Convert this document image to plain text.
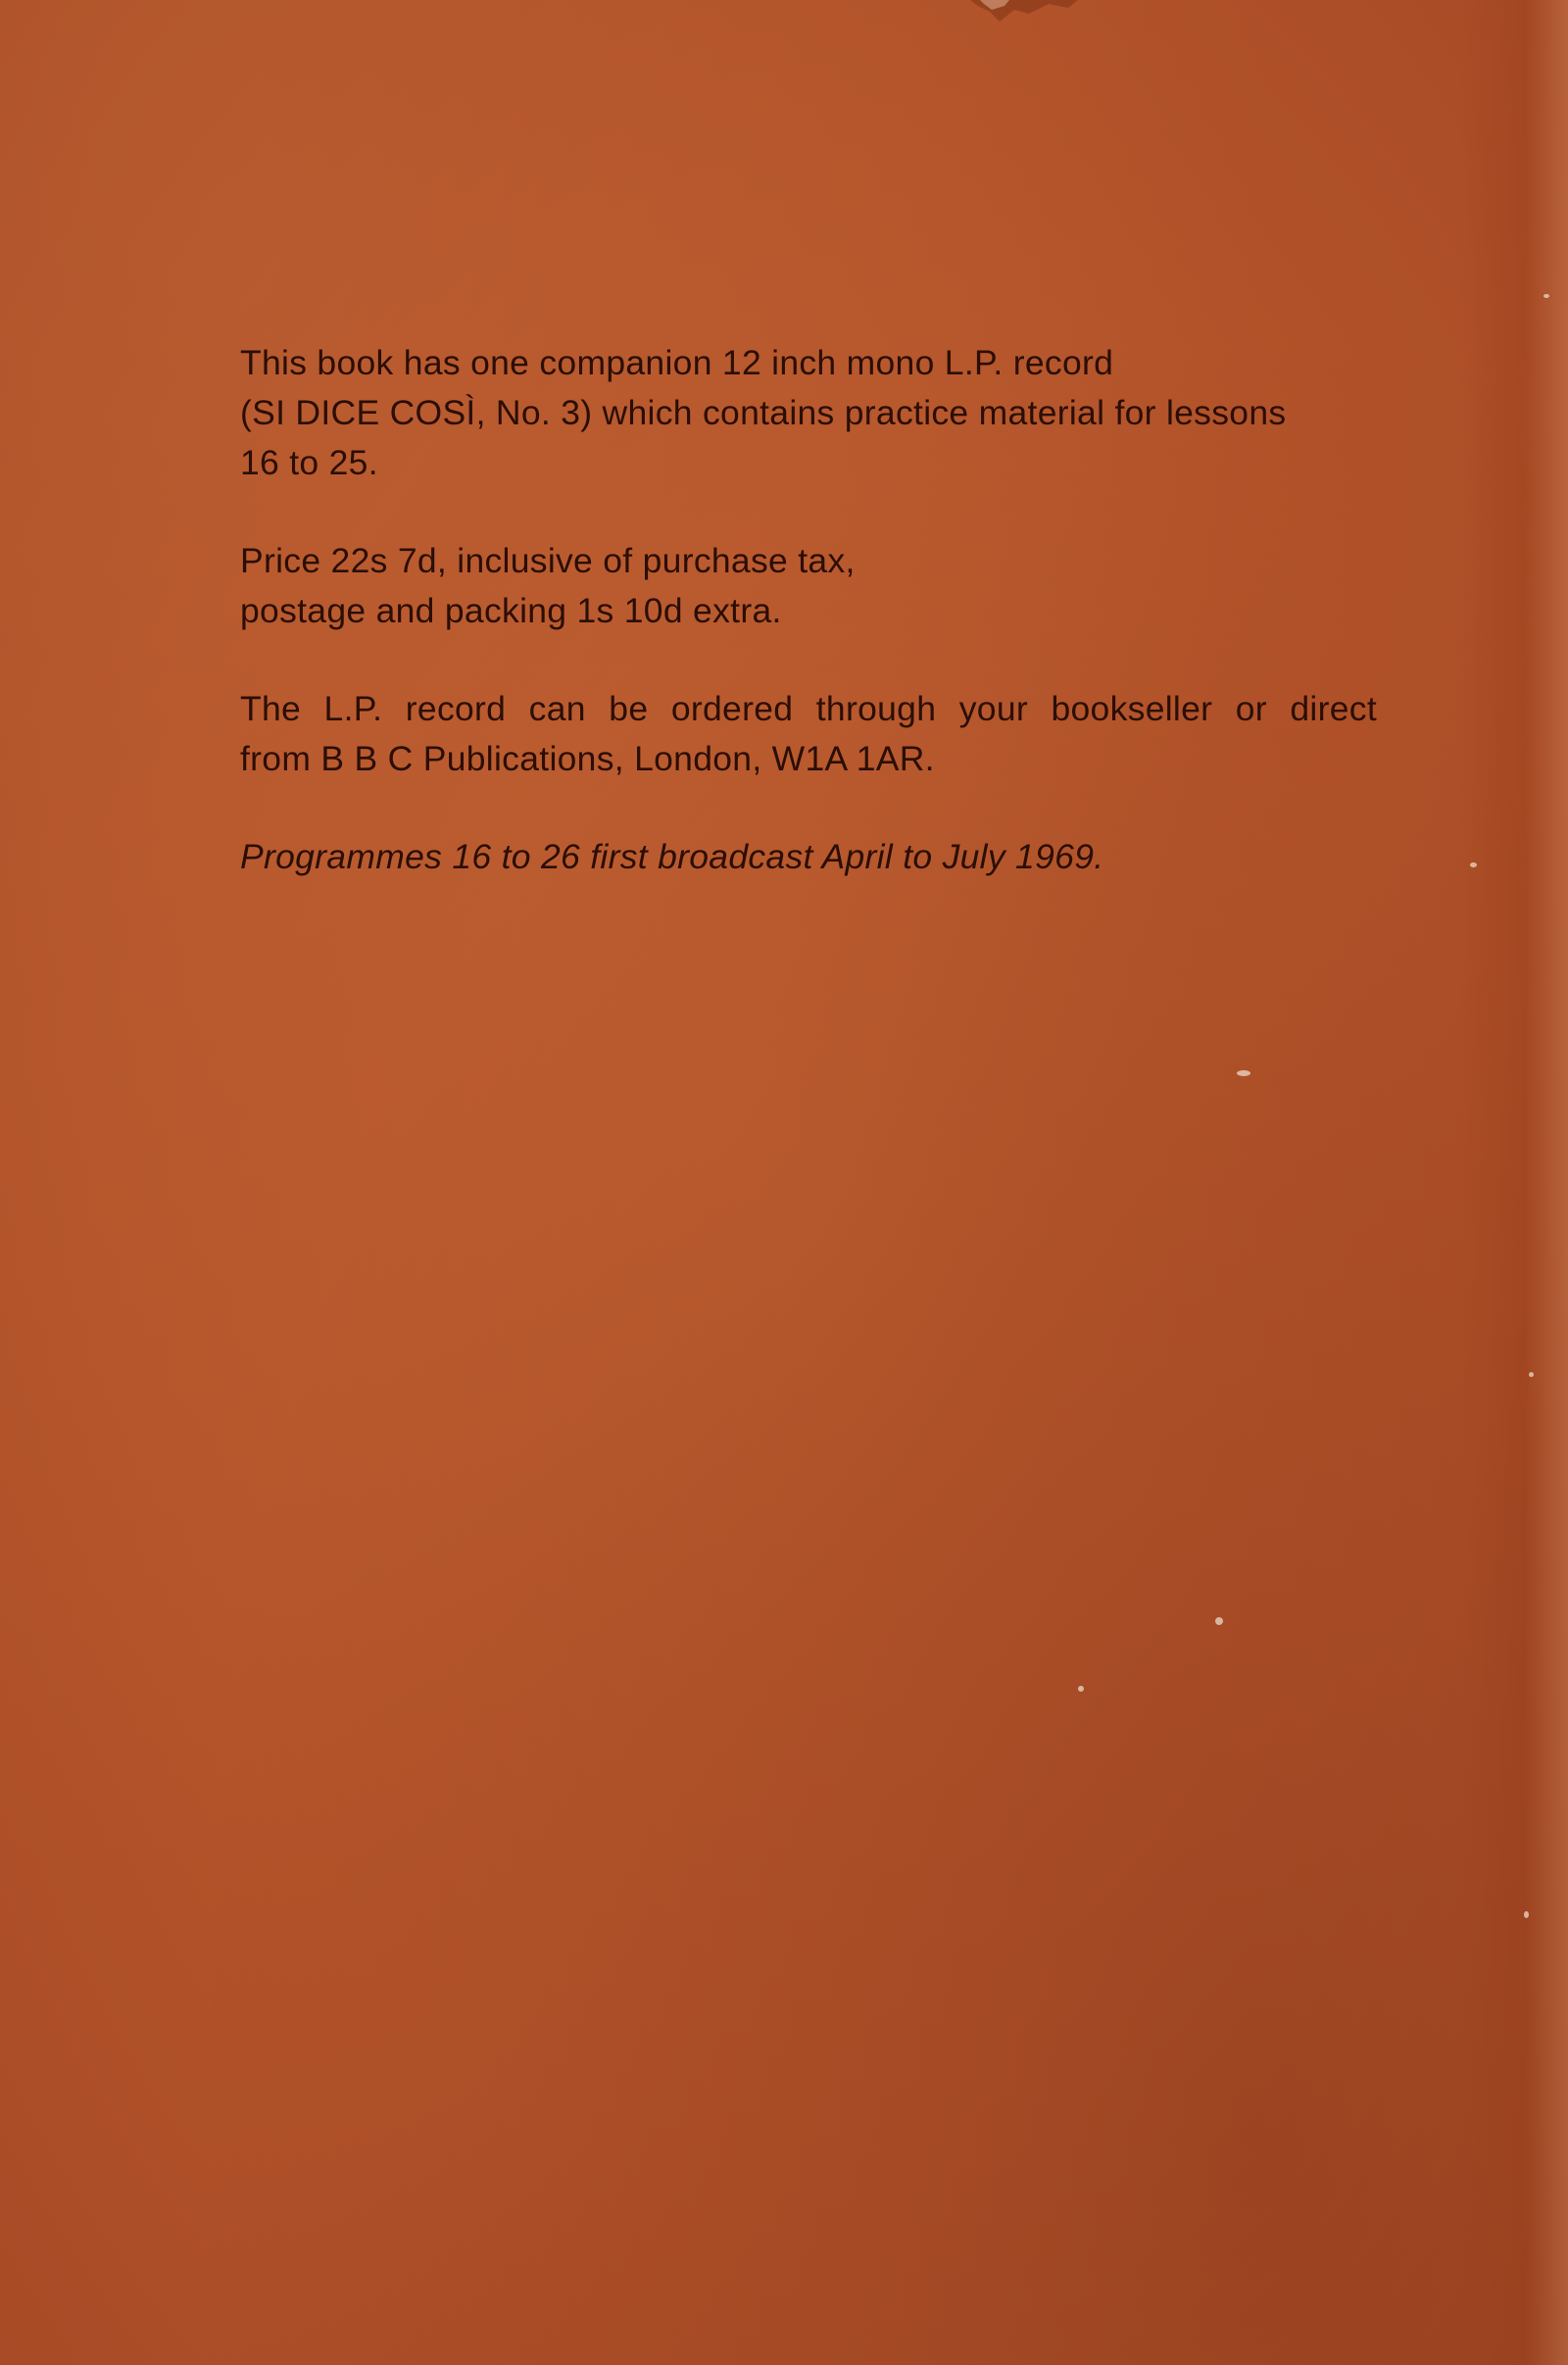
This book has one companion 12 inch mono L.P. record
(SI DICE COSÌ, No. 3) which contains practice material for lessons
16 to 25.
Price 22s 7d, inclusive of purchase tax,
postage and packing 1s 10d extra.
The L.P. record can be ordered through your bookseller or direct
from B B C Publications, London, W1A 1AR.
Programmes 16 to 26 first broadcast April to July 1969.
